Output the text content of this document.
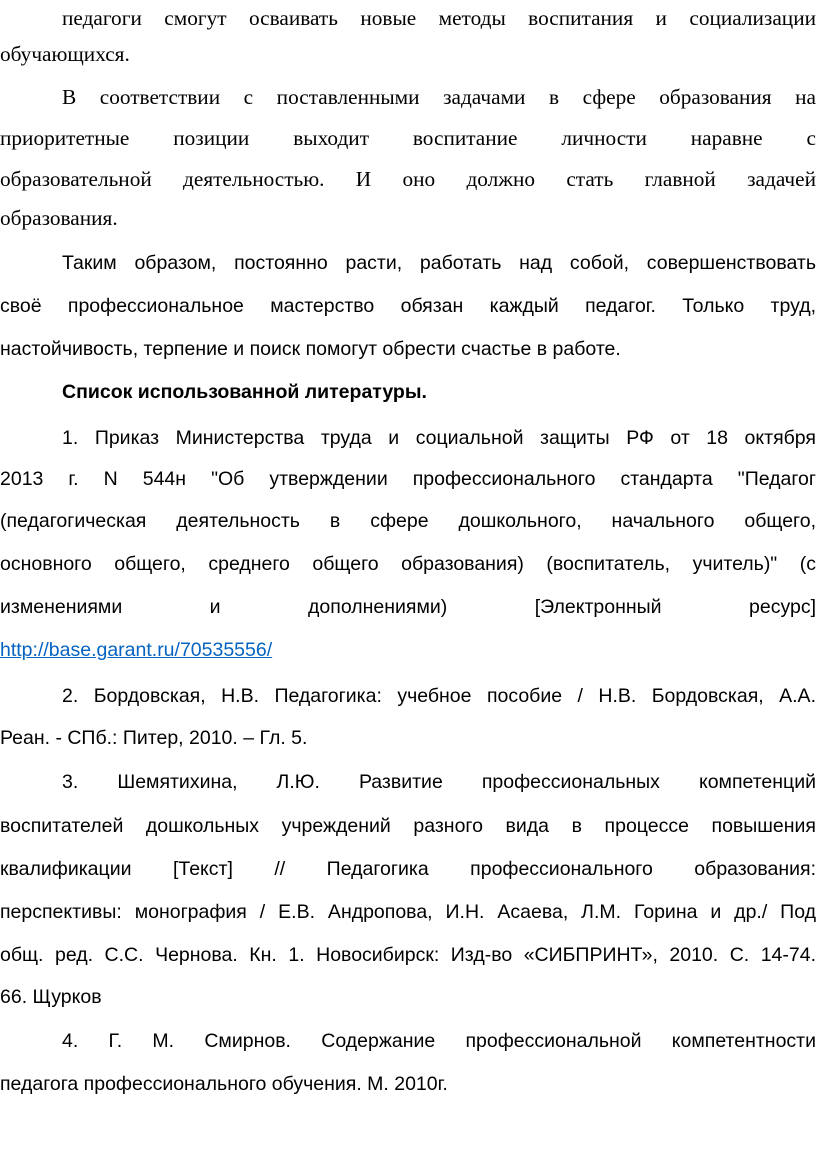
педагоги смогут осваивать новые методы воспитания и социализации
обучающихся.
В соответствии с поставленными задачами в сфере образования на
приоритетные позиции выходит воспитание личности наравне с
образовательной деятельностью. И оно должно стать главной задачей
образования.
Таким образом, постоянно расти, работать над собой, совершенствовать
своё профессиональное мастерство обязан каждый педагог. Только труд,
настойчивость, терпение и поиск помогут обрести счастье в работе.
Список использованной литературы.
1. Приказ Министерства труда и социальной защиты РФ от 18 октября
2013 г. N 544н "Об утверждении профессионального стандарта "Педагог
(педагогическая деятельность в сфере дошкольного, начального общего,
основного общего, среднего общего образования) (воспитатель, учитель)" (с
изменениями и дополнениями) [Электронный ресурс]
http://base.garant.ru/70535556/
2. Бордовская, Н.В. Педагогика: учебное пособие / Н.В. Бордовская, А.А.
Реан. - СПб.: Питер, 2010. – Гл. 5.
3. Шемятихина, Л.Ю. Развитие профессиональных компетенций
воспитателей дошкольных учреждений разного вида в процессе повышения
квалификации [Текст] // Педагогика профессионального образования:
перспективы: монография / Е.В. Андропова, И.Н. Асаева, Л.М. Горина и др./ Под
общ. ред. С.С. Чернова. Кн. 1. Новосибирск: Изд-во «СИБПРИНТ», 2010. С. 14-74.
66. Щурков
4. Г. М. Смирнов. Содержание профессиональной компетентности
педагога профессионального обучения. М. 2010г.
